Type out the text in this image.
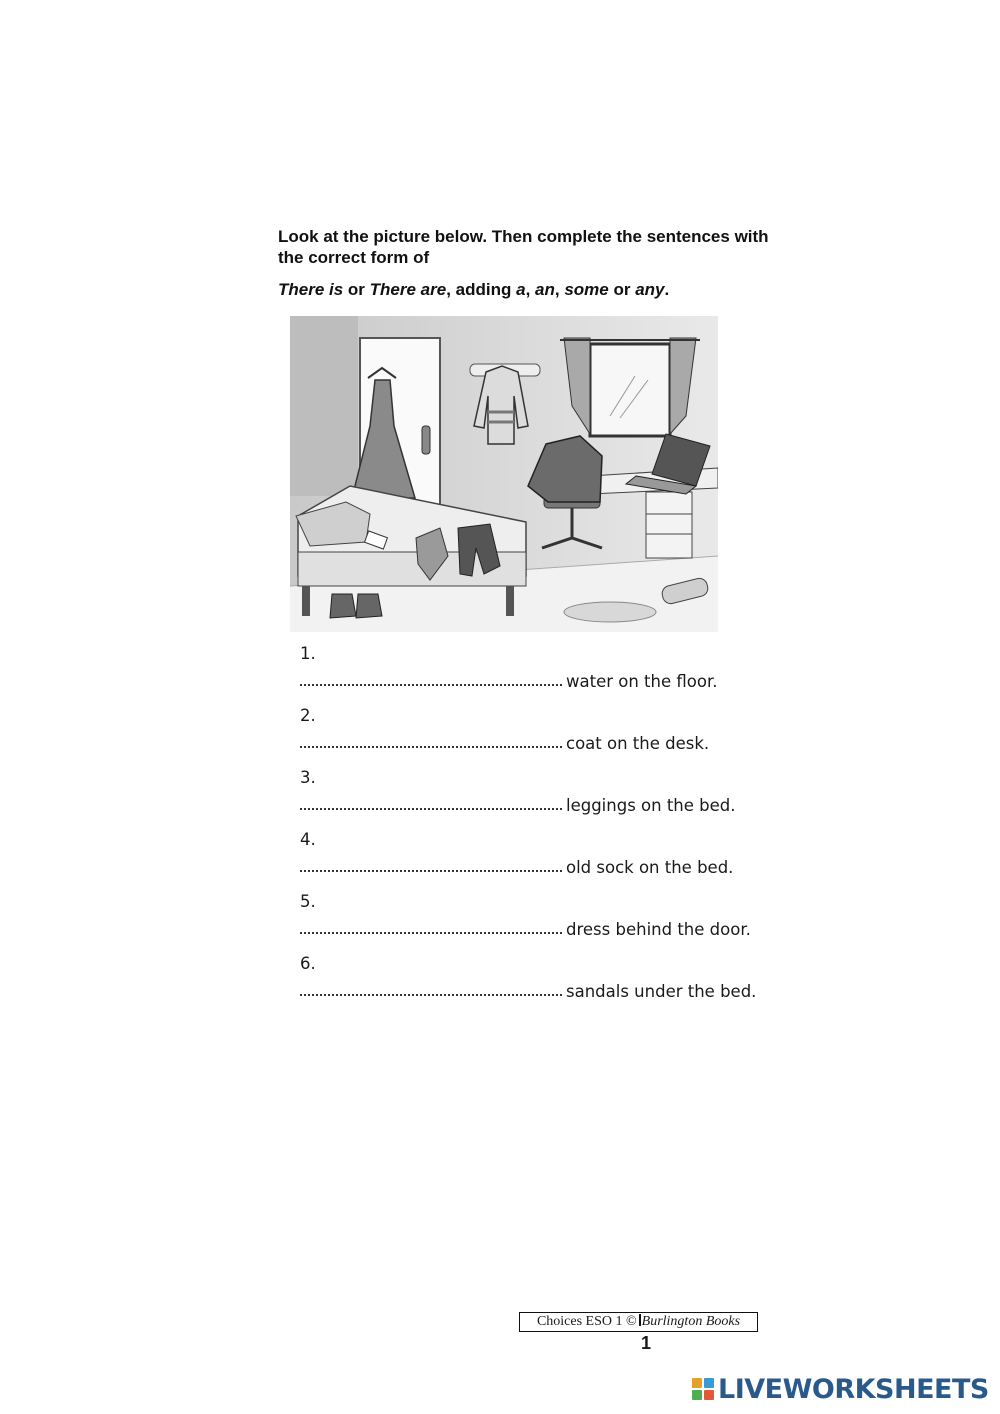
Look at the picture below. Then complete the sentences with the correct form of
There is or There are, adding a, an, some or any.
1.
water on the floor.
2.
coat on the desk.
3.
leggings on the bed.
4.
old sock on the bed.
5.
dress behind the door.
6.
sandals under the bed.
Choices ESO 1 © Burlington Books
1
LIVEWORKSHEETS
